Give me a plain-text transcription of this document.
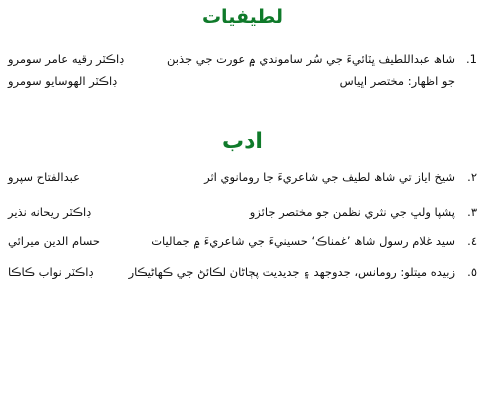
لطيفيات
.1
شاھ عبداللطيف ڀٽائيءَ جي سُر ساموندي ۾ عورت جي جذبن
ڊاڪٽر رقيه عامر سومرو
جو اظهار: مختصر اڀياس
ڊاڪٽر الھوسايو سومرو
ادب
.٢
شيخ اياز تي شاھ لطيف جي شاعريءَ جا رومانوي اثر
عبدالفتاح سپرو
.٣
پشپا ولڀ جي نثري نظمن جو مختصر جائزو
ڊاڪٽر ريحانه نذير
.٤
سيد غلام رسول شاھ ’غمناڪ‘ حسينيءَ جي شاعريءَ ۾ جماليات
حسام الدين ميرائي
.٥
زبيده ميتلو: رومانس، جدوجهد ۽ جديديت پڄاڻان لڪائڻ جي ڪهاڻيڪار
ڊاڪٽر نواب ڪاڪا
